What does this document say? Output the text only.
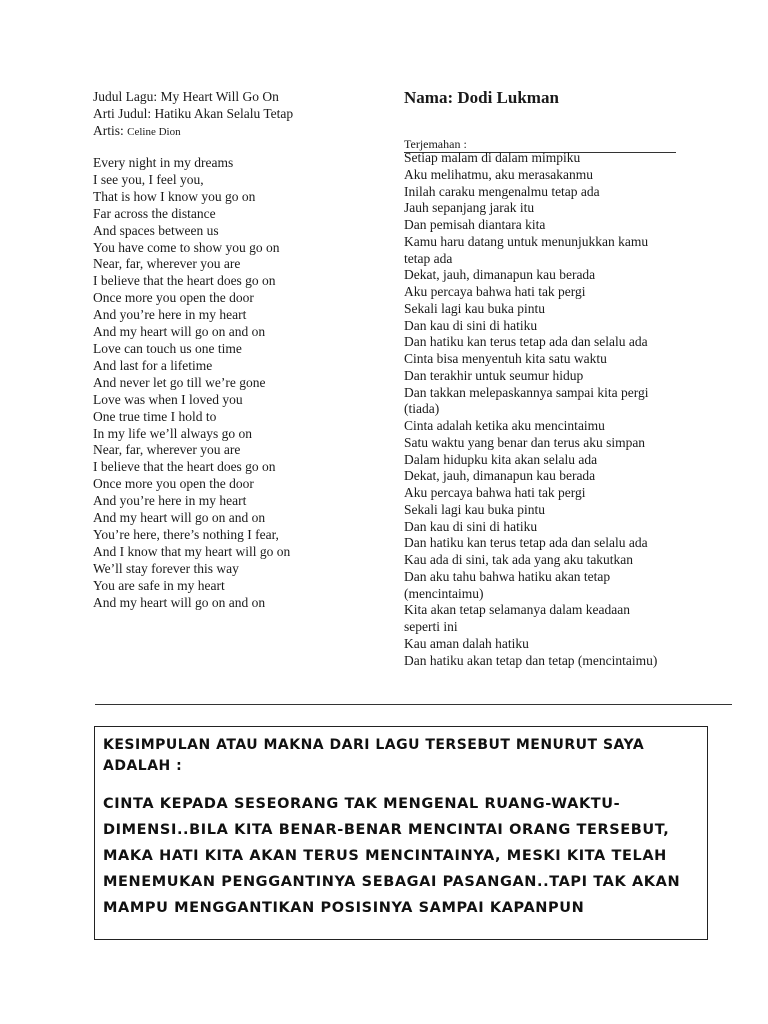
Judul Lagu: My Heart Will Go On
Arti Judul: Hatiku Akan Selalu Tetap
Artis: Celine Dion
Nama: Dodi Lukman
Terjemahan :
Every night in my dreams
I see you, I feel you,
That is how I know you go on
Far across the distance
And spaces between us
You have come to show you go on
Near, far, wherever you are
I believe that the heart does go on
Once more you open the door
And you’re here in my heart
And my heart will go on and on
Love can touch us one time
And last for a lifetime
And never let go till we’re gone
Love was when I loved you
One true time I hold to
In my life we’ll always go on
Near, far, wherever you are
I believe that the heart does go on
Once more you open the door
And you’re here in my heart
And my heart will go on and on
You’re here, there’s nothing I fear,
And I know that my heart will go on
We’ll stay forever this way
You are safe in my heart
And my heart will go on and on
Setiap malam di dalam mimpiku
Aku melihatmu, aku merasakanmu
Inilah caraku mengenalmu tetap ada
Jauh sepanjang jarak itu
Dan pemisah diantara kita
Kamu haru datang untuk menunjukkan kamu
tetap ada
Dekat, jauh, dimanapun kau berada
Aku percaya bahwa hati tak pergi
Sekali lagi kau buka pintu
Dan kau di sini di hatiku
Dan hatiku kan terus tetap ada dan selalu ada
Cinta bisa menyentuh kita satu waktu
Dan terakhir untuk seumur hidup
Dan takkan melepaskannya sampai kita pergi
(tiada)
Cinta adalah ketika aku mencintaimu
Satu waktu yang benar dan terus aku simpan
Dalam hidupku kita akan selalu ada
Dekat, jauh, dimanapun kau berada
Aku percaya bahwa hati tak pergi
Sekali lagi kau buka pintu
Dan kau di sini di hatiku
Dan hatiku kan terus tetap ada dan selalu ada
Kau ada di sini, tak ada yang aku takutkan
Dan aku tahu bahwa hatiku akan tetap
(mencintaimu)
Kita akan tetap selamanya dalam keadaan
seperti ini
Kau aman dalah hatiku
Dan hatiku akan tetap dan tetap (mencintaimu)
KESIMPULAN ATAU MAKNA DARI LAGU TERSEBUT MENURUT SAYA ADALAH :
CINTA KEPADA SESEORANG TAK MENGENAL RUANG-WAKTU-DIMENSI..BILA KITA BENAR-BENAR MENCINTAI ORANG TERSEBUT, MAKA HATI KITA AKAN TERUS MENCINTAINYA, MESKI KITA TELAH MENEMUKAN PENGGANTINYA SEBAGAI PASANGAN..TAPI TAK AKAN MAMPU MENGGANTIKAN POSISINYA SAMPAI KAPANPUN
